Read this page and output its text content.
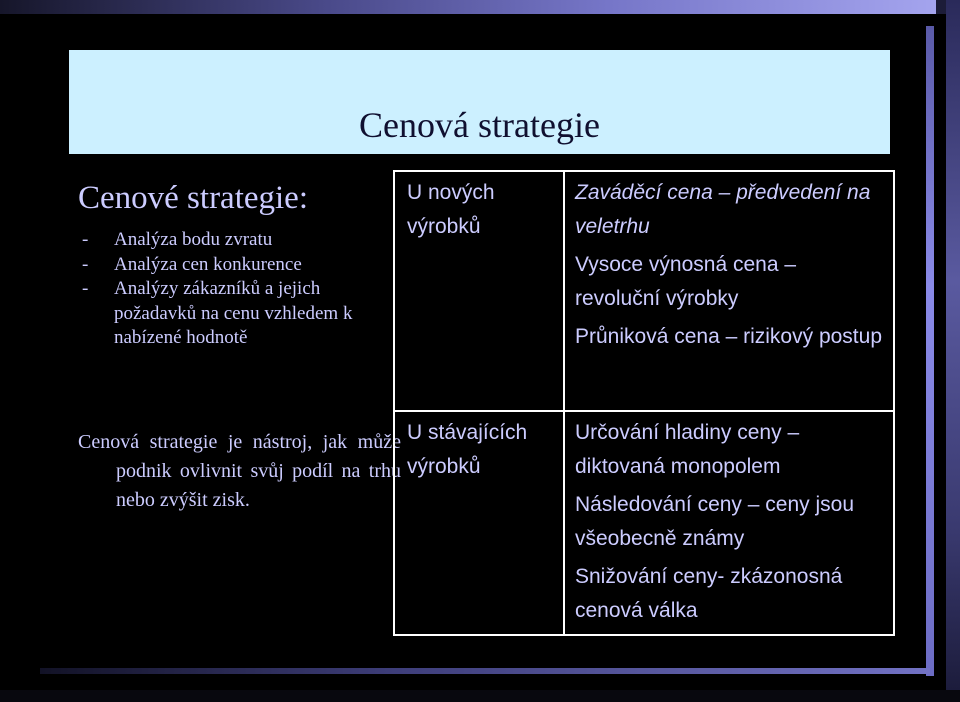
Cenová strategie
Cenové strategie:
- Analýza bodu zvratu
- Analýza cen konkurence
- Analýzy zákazníků a jejich požadavků na cenu vzhledem k nabízené hodnotě
Cenová strategie je nástroj, jak může podnik ovlivnit svůj podíl na trhu nebo zvýšit zisk.
U nových výrobků	Zaváděcí cena – předvedení na veletrhu
Vysoce výnosná cena – revoluční výrobky
Průniková cena – rizikový postup

U stávajících výrobků	Určování hladiny ceny – diktovaná monopolem
Následování ceny – ceny jsou všeobecně známy
Snižování ceny- zkázonosná cenová válka
